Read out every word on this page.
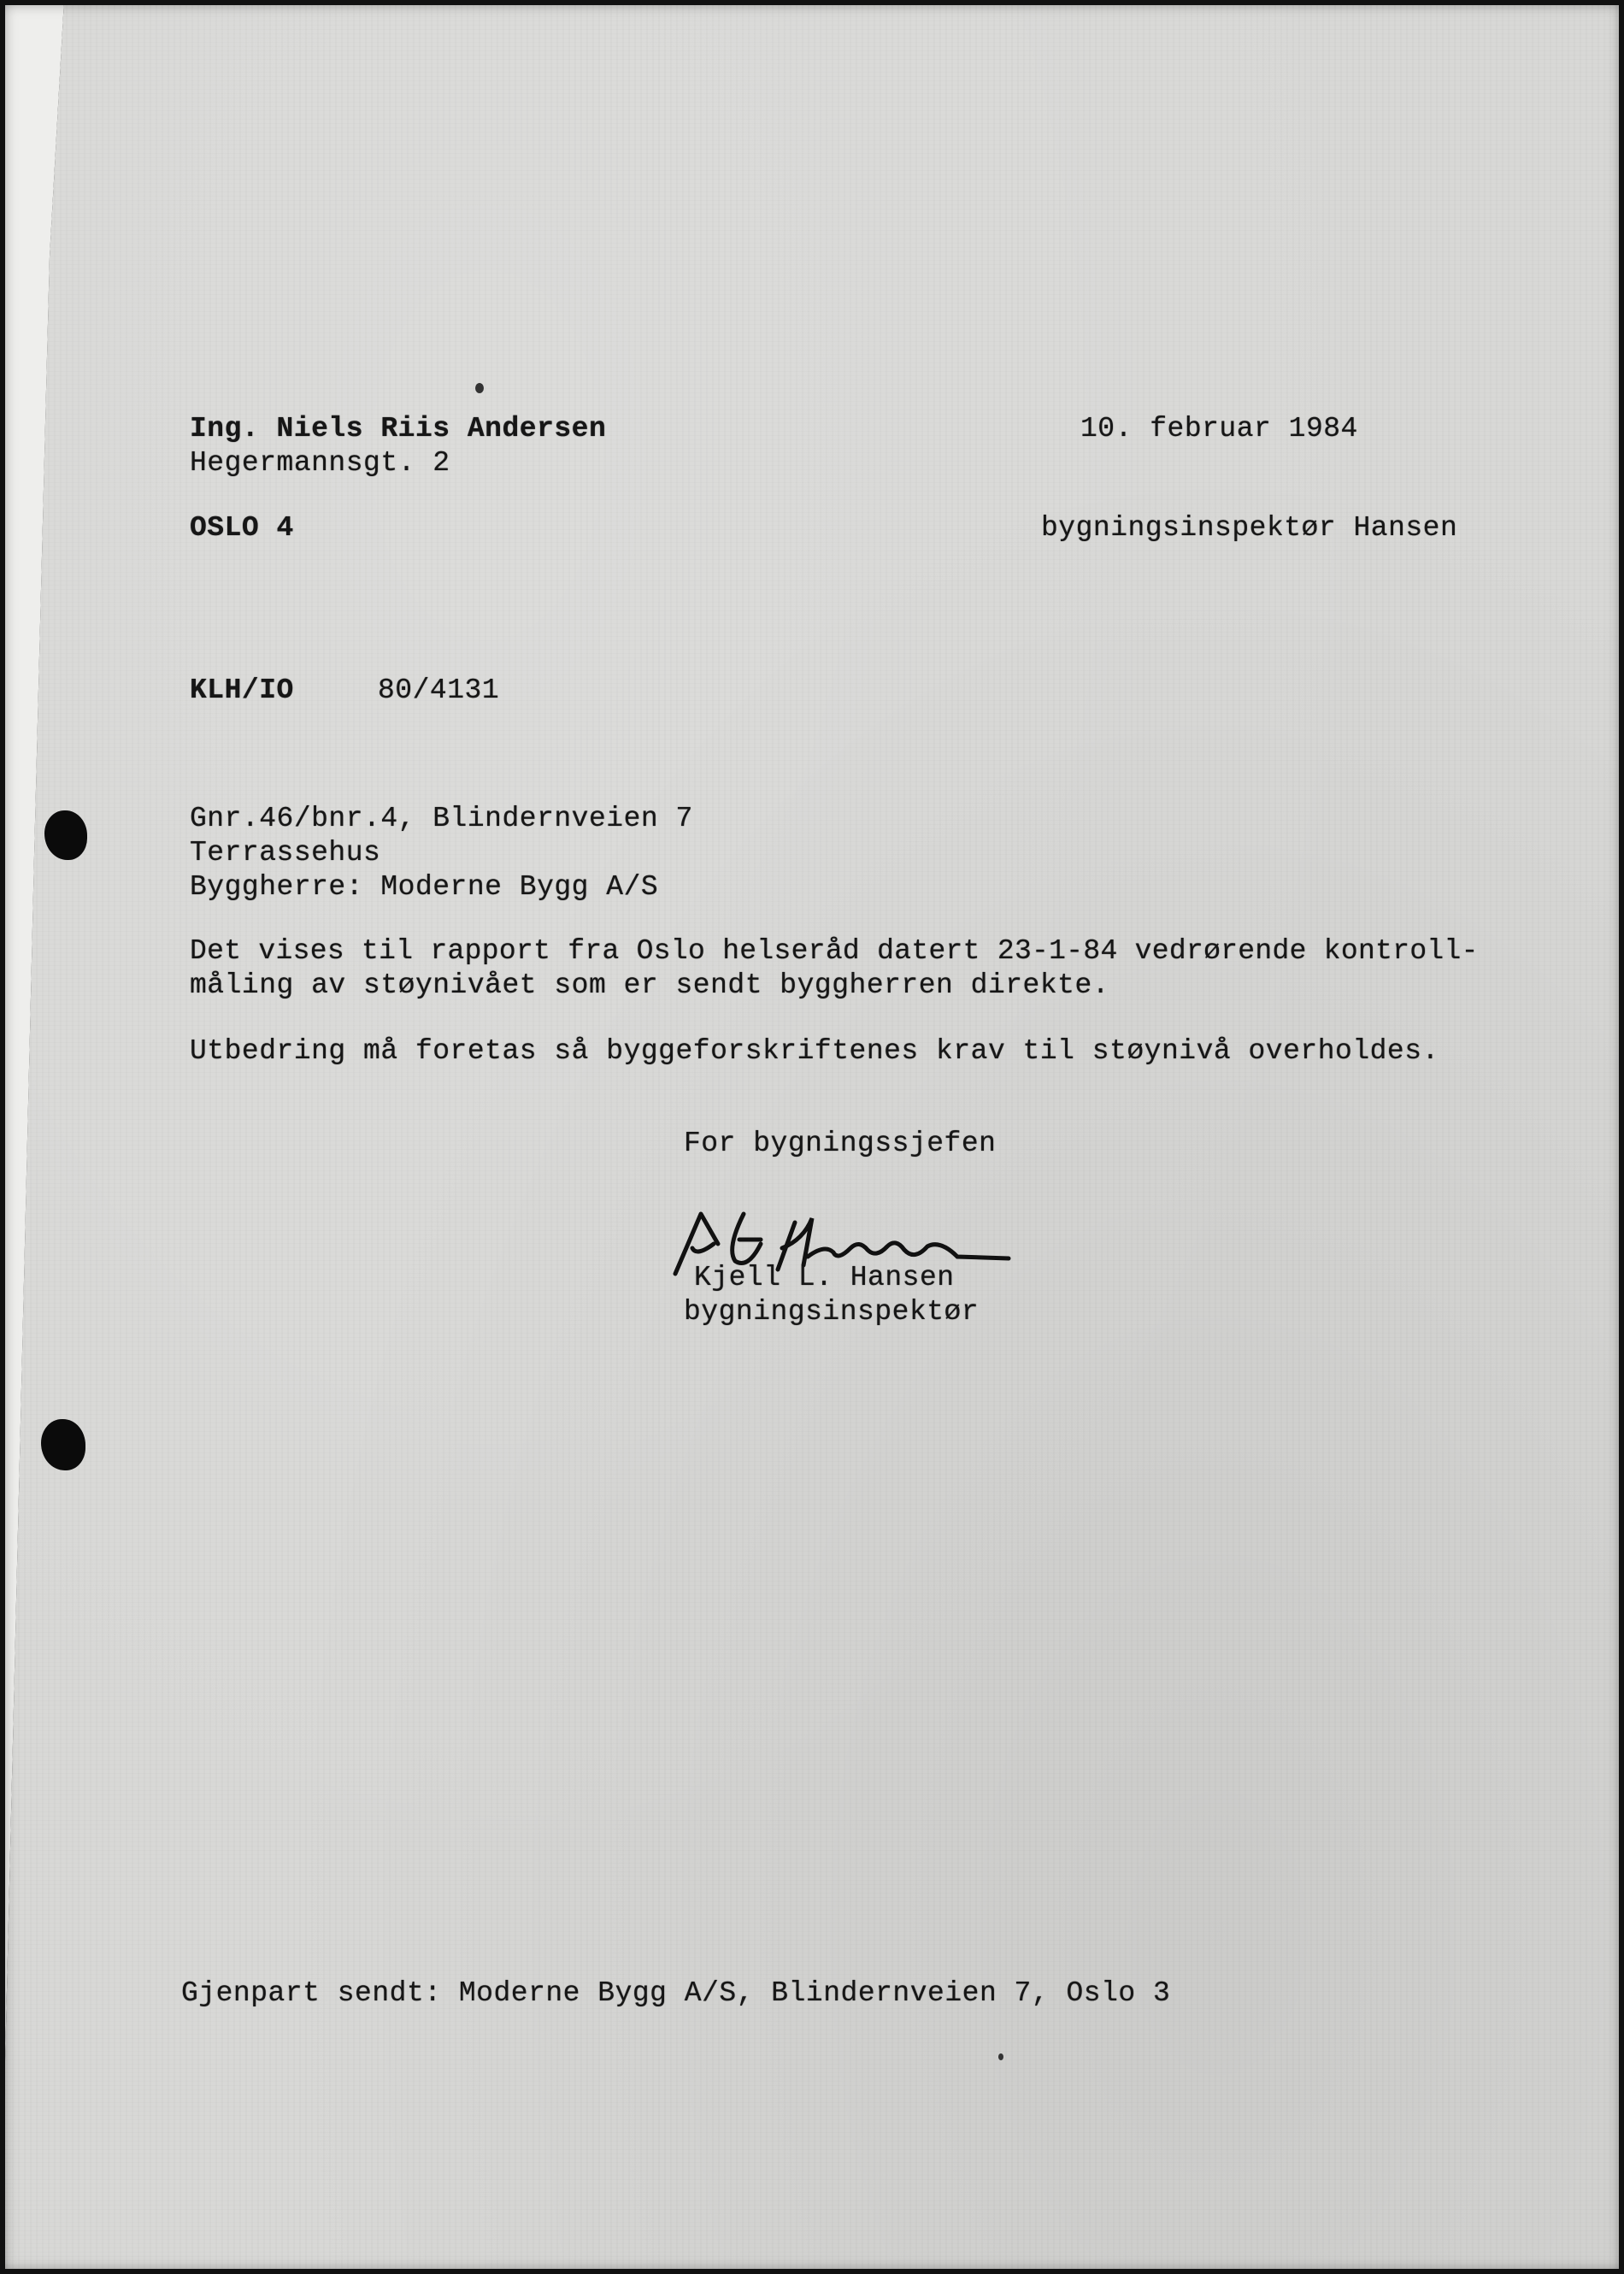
Ing. Niels Riis Andersen
Hegermannsgt. 2
OSLO 4
10. februar 1984
bygningsinspektør Hansen
KLH/IO	80/4131
Gnr.46/bnr.4, Blindernveien 7
Terrassehus
Byggherre: Moderne Bygg A/S
Det vises til rapport fra Oslo helseråd datert 23-1-84 vedrørende kontroll-
måling av støynivået som er sendt byggherren direkte.
Utbedring må foretas så byggeforskriftenes krav til støynivå overholdes.
For bygningssjefen
Kjell L. Hansen
bygningsinspektør
Gjenpart sendt: Moderne Bygg A/S, Blindernveien 7, Oslo 3
